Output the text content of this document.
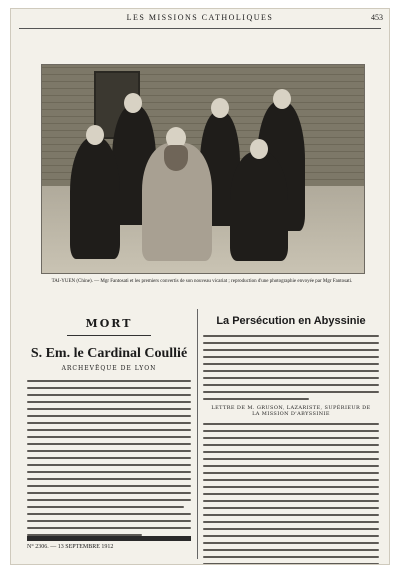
LES MISSIONS CATHOLIQUES	453
TAI-YUEN (Chine). — Mgr Fantosati et les premiers convertis de son nouveau vicariat ; reproduction d'une photographie envoyée par Mgr Fantosati.
MORT
S. Em. le Cardinal Coullié
ARCHEVÊQUE DE LYON
N° 2306. — 13 SEPTEMBRE 1912
La Persécution en Abyssinie
LETTRE DE M. GRUSON, LAZARISTE, SUPÉRIEUR DE LA MISSION D'ABYSSINIE
